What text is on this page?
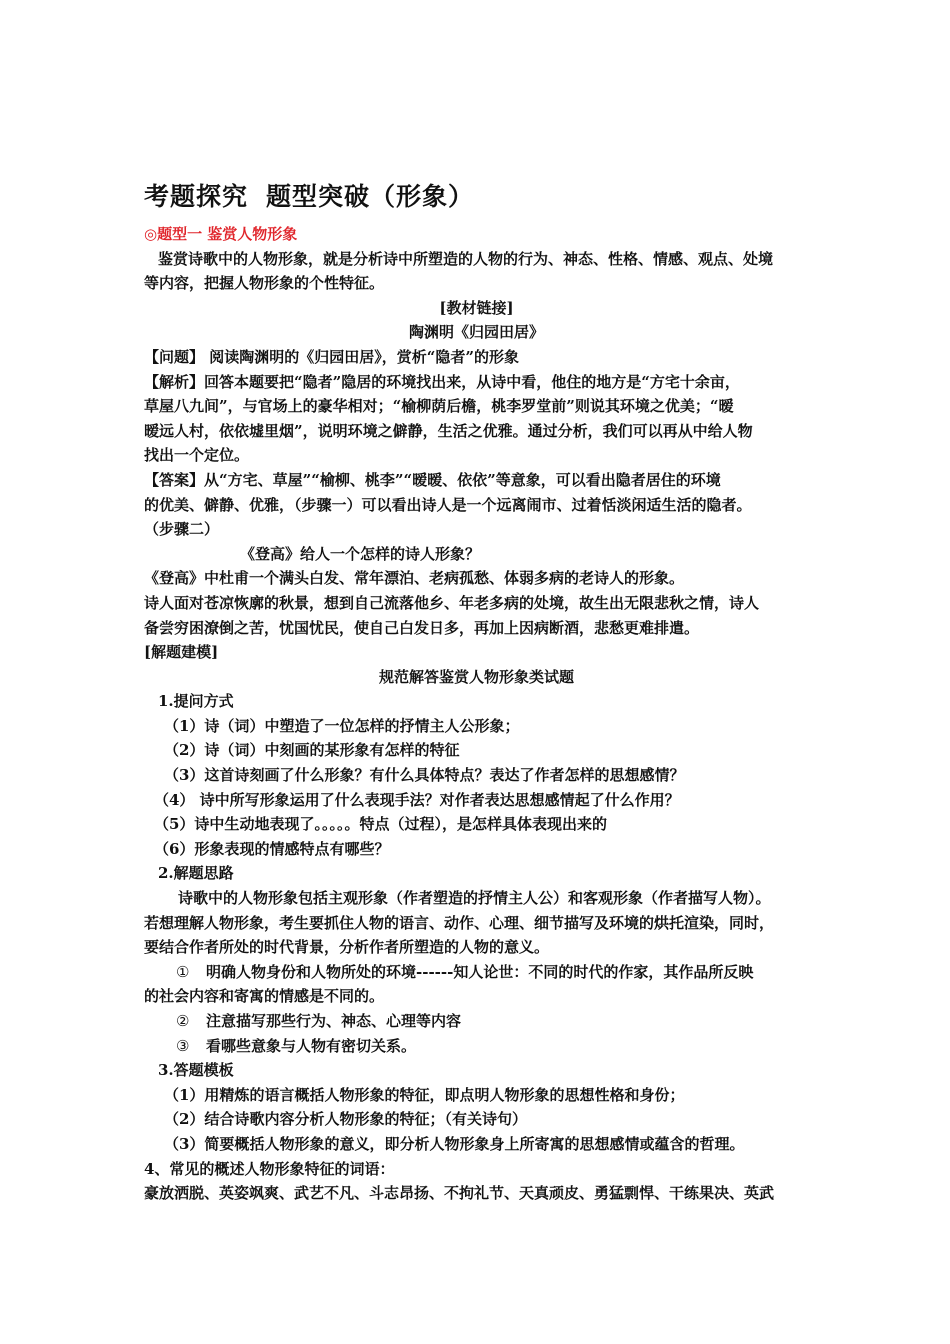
考题探究 题型突破（形象）
◎题型一 鉴赏人物形象
鉴赏诗歌中的人物形象，就是分析诗中所塑造的人物的行为、神态、性格、情感、观点、处境
等内容，把握人物形象的个性特征。
[教材链接]
陶渊明《归园田居》
【问题】 阅读陶渊明的《归园田居》，赏析“隐者”的形象
【解析】回答本题要把“隐者”隐居的环境找出来，从诗中看，他住的地方是“方宅十余亩，
草屋八九间”，与官场上的豪华相对；“榆柳荫后檐，桃李罗堂前”则说其环境之优美；“暧
暧远人村，依依墟里烟”，说明环境之僻静，生活之优雅。通过分析，我们可以再从中给人物
找出一个定位。
【答案】从“方宅、草屋”“榆柳、桃李”“暧暧、依依”等意象，可以看出隐者居住的环境
的优美、僻静、优雅，（步骤一）可以看出诗人是一个远离闹市、过着恬淡闲适生活的隐者。
（步骤二）
《登高》给人一个怎样的诗人形象？
《登高》中杜甫一个满头白发、常年漂泊、老病孤愁、体弱多病的老诗人的形象。
诗人面对苍凉恢廓的秋景，想到自己流落他乡、年老多病的处境，故生出无限悲秋之情，诗人
备尝穷困潦倒之苦，忧国忧民，使自己白发日多，再加上因病断酒，悲愁更难排遣。
[解题建模]
规范解答鉴赏人物形象类试题
1.提问方式
（1）诗（词）中塑造了一位怎样的抒情主人公形象；
（2）诗（词）中刻画的某形象有怎样的特征
（3）这首诗刻画了什么形象？有什么具体特点？表达了作者怎样的思想感情？
（4） 诗中所写形象运用了什么表现手法？对作者表达思想感情起了什么作用？
（5）诗中生动地表现了。。。。。特点（过程），是怎样具体表现出来的
（6）形象表现的情感特点有哪些？
2.解题思路
诗歌中的人物形象包括主观形象（作者塑造的抒情主人公）和客观形象（作者描写人物）。
若想理解人物形象，考生要抓住人物的语言、动作、心理、细节描写及环境的烘托渲染，同时，
要结合作者所处的时代背景，分析作者所塑造的人物的意义。
① 明确人物身份和人物所处的环境------知人论世：不同的时代的作家，其作品所反映
的社会内容和寄寓的情感是不同的。
② 注意描写那些行为、神态、心理等内容
③ 看哪些意象与人物有密切关系。
3.答题模板
（1）用精炼的语言概括人物形象的特征，即点明人物形象的思想性格和身份；
（2）结合诗歌内容分析人物形象的特征；（有关诗句）
（3）简要概括人物形象的意义，即分析人物形象身上所寄寓的思想感情或蕴含的哲理。
4、常见的概述人物形象特征的词语：
豪放洒脱、英姿飒爽、武艺不凡、斗志昂扬、不拘礼节、天真顽皮、勇猛剽悍、干练果决、英武
